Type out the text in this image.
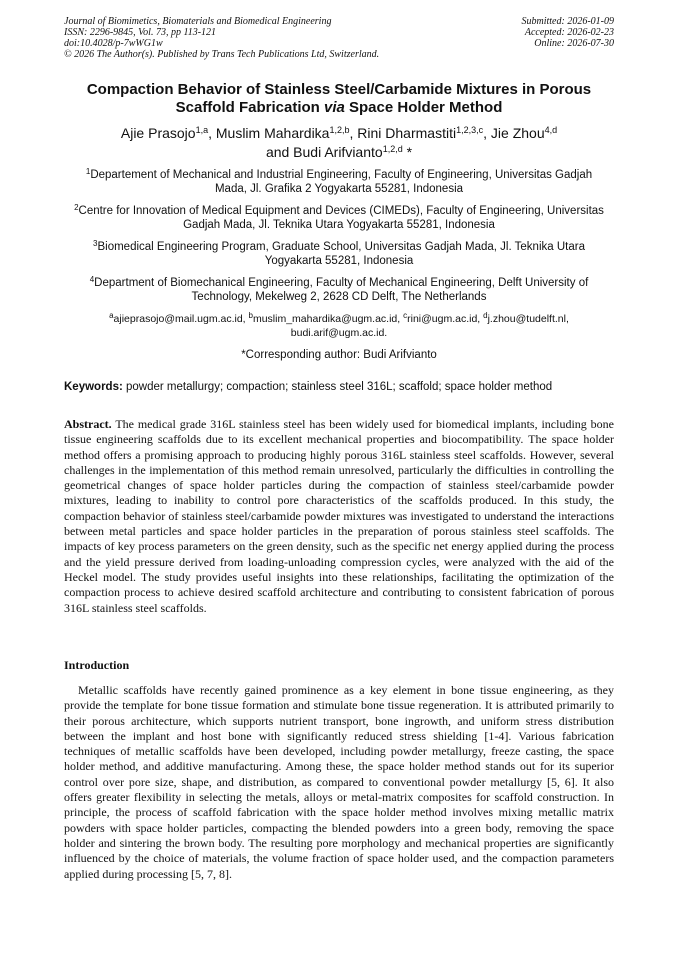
Journal of Biomimetics, Biomaterials and Biomedical Engineering
ISSN: 2296-9845, Vol. 73, pp 113-121
doi:10.4028/p-7wWG1w
© 2026 The Author(s). Published by Trans Tech Publications Ltd, Switzerland.
Submitted: 2026-01-09
Accepted: 2026-02-23
Online: 2026-07-30
Compaction Behavior of Stainless Steel/Carbamide Mixtures in Porous
Scaffold Fabrication via Space Holder Method
Ajie Prasojo$^{1,a}$, Muslim Mahardika$^{1,2,b}$, Rini Dharmastiti$^{1,2,3,c}$, Jie Zhou$^{4,d}$
and Budi Arifvianto$^{1,2,d}$ *
$^1$Departement of Mechanical and Industrial Engineering, Faculty of Engineering, Universitas Gadjah Mada, Jl. Grafika 2 Yogyakarta 55281, Indonesia
$^2$Centre for Innovation of Medical Equipment and Devices (CIMEDs), Faculty of Engineering, Universitas Gadjah Mada, Jl. Teknika Utara Yogyakarta 55281, Indonesia
$^3$Biomedical Engineering Program, Graduate School, Universitas Gadjah Mada, Jl. Teknika Utara Yogyakarta 55281, Indonesia
$^4$Department of Biomechanical Engineering, Faculty of Mechanical Engineering, Delft University of Technology, Mekelweg 2, 2628 CD Delft, The Netherlands
$^a$ajieprasojo@mail.ugm.ac.id, $^b$muslim_mahardika@ugm.ac.id, $^c$rini@ugm.ac.id, $^d$j.zhou@tudelft.nl,
budi.arif@ugm.ac.id.
*Corresponding author: Budi Arifvianto
Keywords: powder metallurgy; compaction; stainless steel 316L; scaffold; space holder method
Abstract. The medical grade 316L stainless steel has been widely used for biomedical implants, including bone tissue engineering scaffolds due to its excellent mechanical properties and biocompatibility. The space holder method offers a promising approach to producing highly porous 316L stainless steel scaffolds. However, several challenges in the implementation of this method remain unresolved, particularly the difficulties in controlling the geometrical changes of space holder particles during the compaction of stainless steel/carbamide powder mixtures, leading to inability to control pore characteristics of the scaffolds produced. In this study, the compaction behavior of stainless steel/carbamide powder mixtures was investigated to understand the interactions between metal particles and space holder particles in the preparation of porous stainless steel scaffolds. The impacts of key process parameters on the green density, such as the specific net energy applied during the process and the yield pressure derived from loading-unloading compression cycles, were analyzed with the aid of the Heckel model. The study provides useful insights into these relationships, facilitating the optimization of the compaction process to achieve desired scaffold architecture and contributing to consistent fabrication of porous 316L stainless steel scaffolds.
Introduction
Metallic scaffolds have recently gained prominence as a key element in bone tissue engineering, as they provide the template for bone tissue formation and stimulate bone tissue regeneration. It is attributed primarily to their porous architecture, which supports nutrient transport, bone ingrowth, and uniform stress distribution between the implant and host bone with significantly reduced stress shielding [1-4]. Various fabrication techniques of metallic scaffolds have been developed, including powder metallurgy, freeze casting, the space holder method, and additive manufacturing. Among these, the space holder method stands out for its superior control over pore size, shape, and distribution, as compared to conventional powder metallurgy [5, 6]. It also offers greater flexibility in selecting the metals, alloys or metal-matrix composites for scaffold construction. In principle, the process of scaffold fabrication with the space holder method involves mixing metallic matrix powders with space holder particles, compacting the blended powders into a green body, removing the space holder and sintering the brown body. The resulting pore morphology and mechanical properties are significantly influenced by the choice of materials, the volume fraction of space holder used, and the compaction parameters applied during processing [5, 7, 8].
